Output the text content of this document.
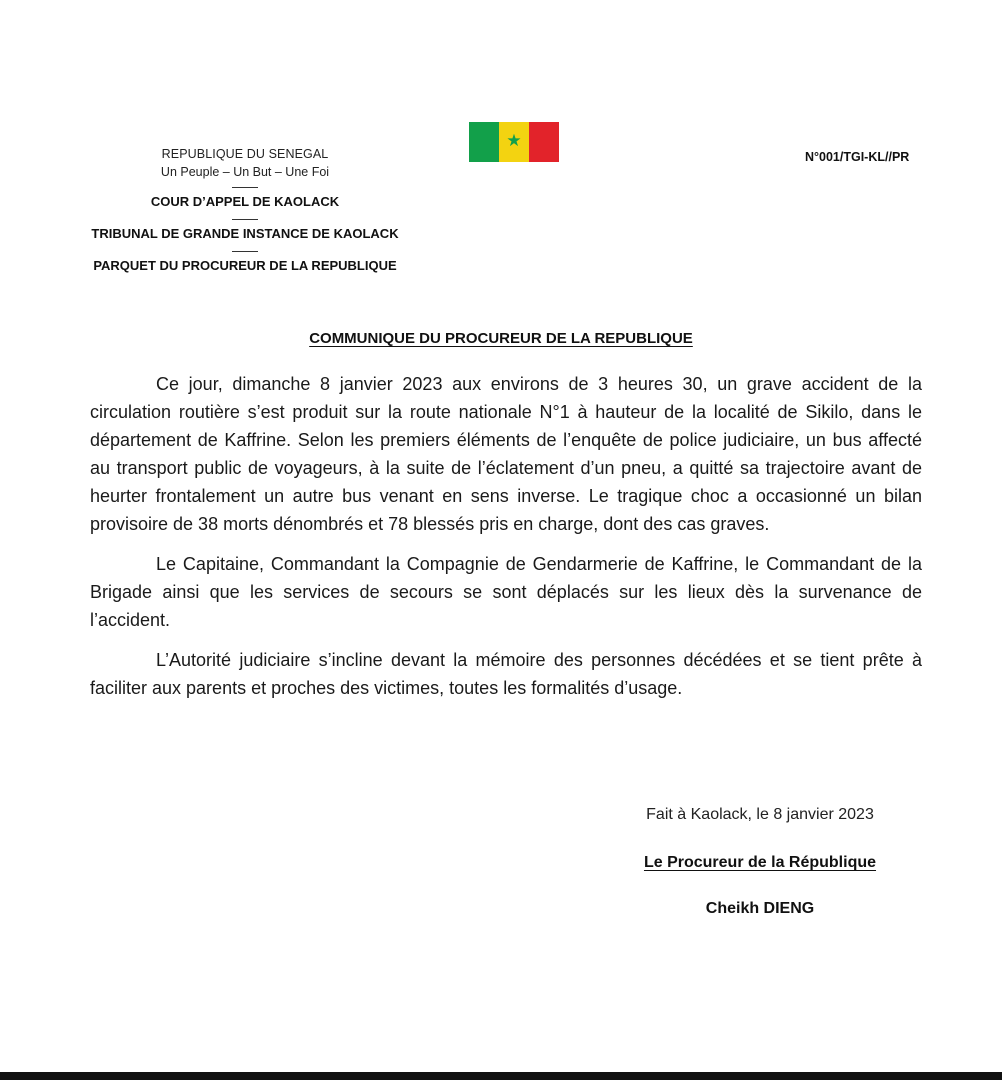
REPUBLIQUE DU SENEGAL
Un Peuple – Un But – Une Foi
COUR D’APPEL DE KAOLACK
TRIBUNAL DE GRANDE INSTANCE DE KAOLACK
PARQUET DU PROCUREUR DE LA REPUBLIQUE
★
N°001/TGI-KL//PR
COMMUNIQUE DU PROCUREUR DE LA REPUBLIQUE

Ce jour, dimanche 8 janvier 2023 aux environs de 3 heures 30, un grave accident de la circulation routière s’est produit sur la route nationale N°1 à hauteur de la localité de Sikilo, dans le département de Kaffrine. Selon les premiers éléments de l’enquête de police judiciaire, un bus affecté au transport public de voyageurs, à la suite de l’éclatement d’un pneu, a quitté sa trajectoire avant de heurter frontalement un autre bus venant en sens inverse. Le tragique choc a occasionné un bilan provisoire de 38 morts dénombrés et 78 blessés pris en charge, dont des cas graves.

Le Capitaine, Commandant la Compagnie de Gendarmerie de Kaffrine, le Commandant de la Brigade ainsi que les services de secours se sont déplacés sur les lieux dès la survenance de l’accident.

L’Autorité judiciaire s’incline devant la mémoire des personnes décédées et se tient prête à faciliter aux parents et proches des victimes, toutes les formalités d’usage.

Fait à Kaolack, le 8 janvier 2023
Le Procureur de la République
Cheikh DIENG
